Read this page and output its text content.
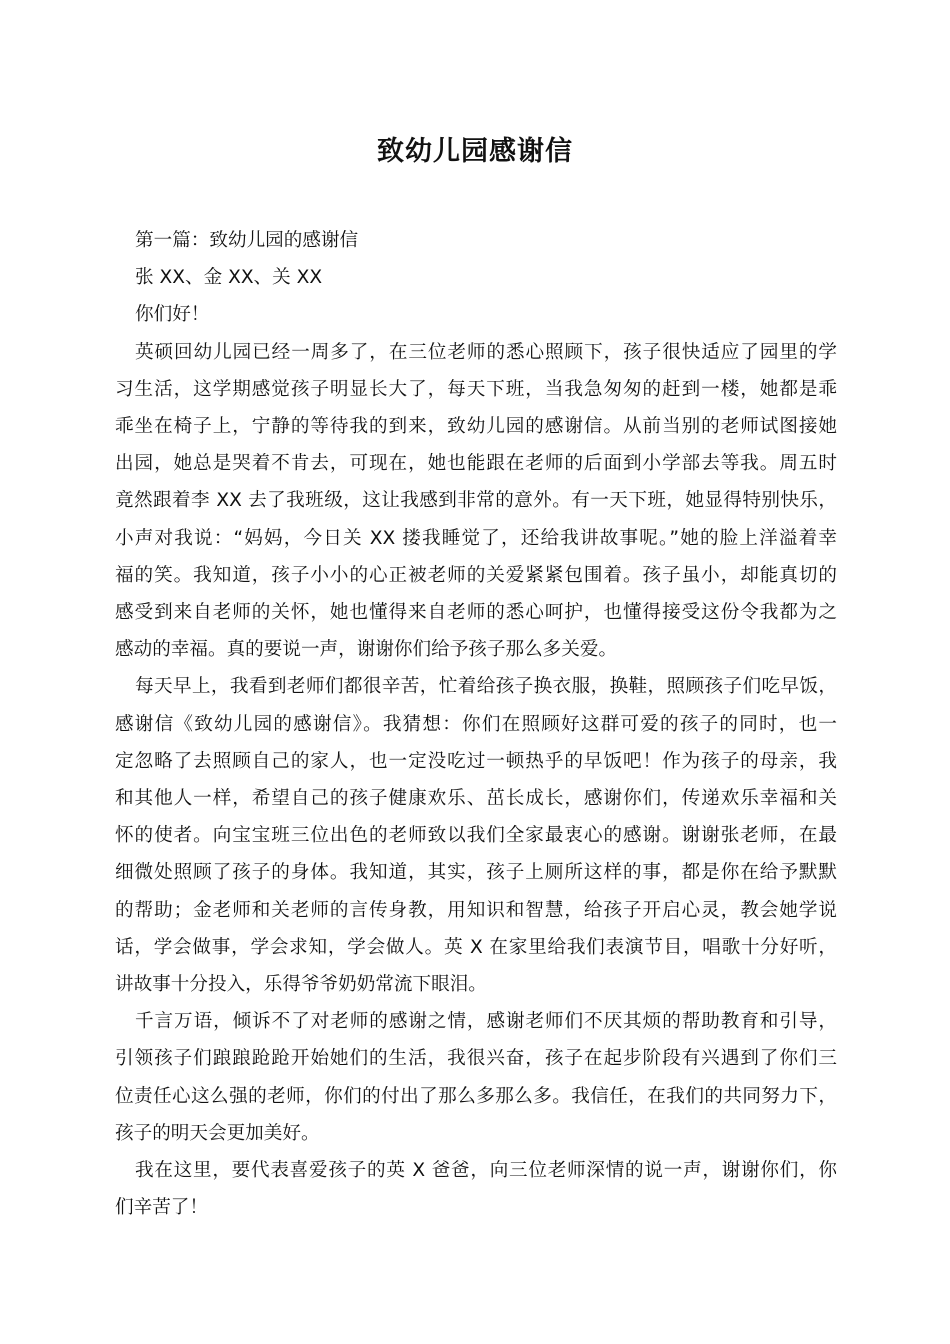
致幼儿园感谢信
第一篇：致幼儿园的感谢信
张 XX、金 XX、关 XX
你们好！
英硕回幼儿园已经一周多了，在三位老师的悉心照顾下，孩子很快适应了园里的学
习生活，这学期感觉孩子明显长大了，每天下班，当我急匆匆的赶到一楼，她都是乖
乖坐在椅子上，宁静的等待我的到来，致幼儿园的感谢信。从前当别的老师试图接她
出园，她总是哭着不肯去，可现在，她也能跟在老师的后面到小学部去等我。周五时
竟然跟着李 XX 去了我班级，这让我感到非常的意外。有一天下班，她显得特别快乐，
小声对我说：“妈妈，今日关 XX 搂我睡觉了，还给我讲故事呢。”她的脸上洋溢着幸
福的笑。我知道，孩子小小的心正被老师的关爱紧紧包围着。孩子虽小，却能真切的
感受到来自老师的关怀，她也懂得来自老师的悉心呵护，也懂得接受这份令我都为之
感动的幸福。真的要说一声，谢谢你们给予孩子那么多关爱。
每天早上，我看到老师们都很辛苦，忙着给孩子换衣服，换鞋，照顾孩子们吃早饭，
感谢信《致幼儿园的感谢信》。我猜想：你们在照顾好这群可爱的孩子的同时，也一
定忽略了去照顾自己的家人，也一定没吃过一顿热乎的早饭吧！作为孩子的母亲，我
和其他人一样，希望自己的孩子健康欢乐、茁长成长，感谢你们，传递欢乐幸福和关
怀的使者。向宝宝班三位出色的老师致以我们全家最衷心的感谢。谢谢张老师，在最
细微处照顾了孩子的身体。我知道，其实，孩子上厕所这样的事，都是你在给予默默
的帮助；金老师和关老师的言传身教，用知识和智慧，给孩子开启心灵，教会她学说
话，学会做事，学会求知，学会做人。英 X 在家里给我们表演节目，唱歌十分好听，
讲故事十分投入，乐得爷爷奶奶常流下眼泪。
千言万语，倾诉不了对老师的感谢之情，感谢老师们不厌其烦的帮助教育和引导，
引领孩子们踉踉跄跄开始她们的生活，我很兴奋，孩子在起步阶段有兴遇到了你们三
位责任心这么强的老师，你们的付出了那么多那么多。我信任，在我们的共同努力下，
孩子的明天会更加美好。
我在这里，要代表喜爱孩子的英 X 爸爸，向三位老师深情的说一声，谢谢你们，你
们辛苦了！
